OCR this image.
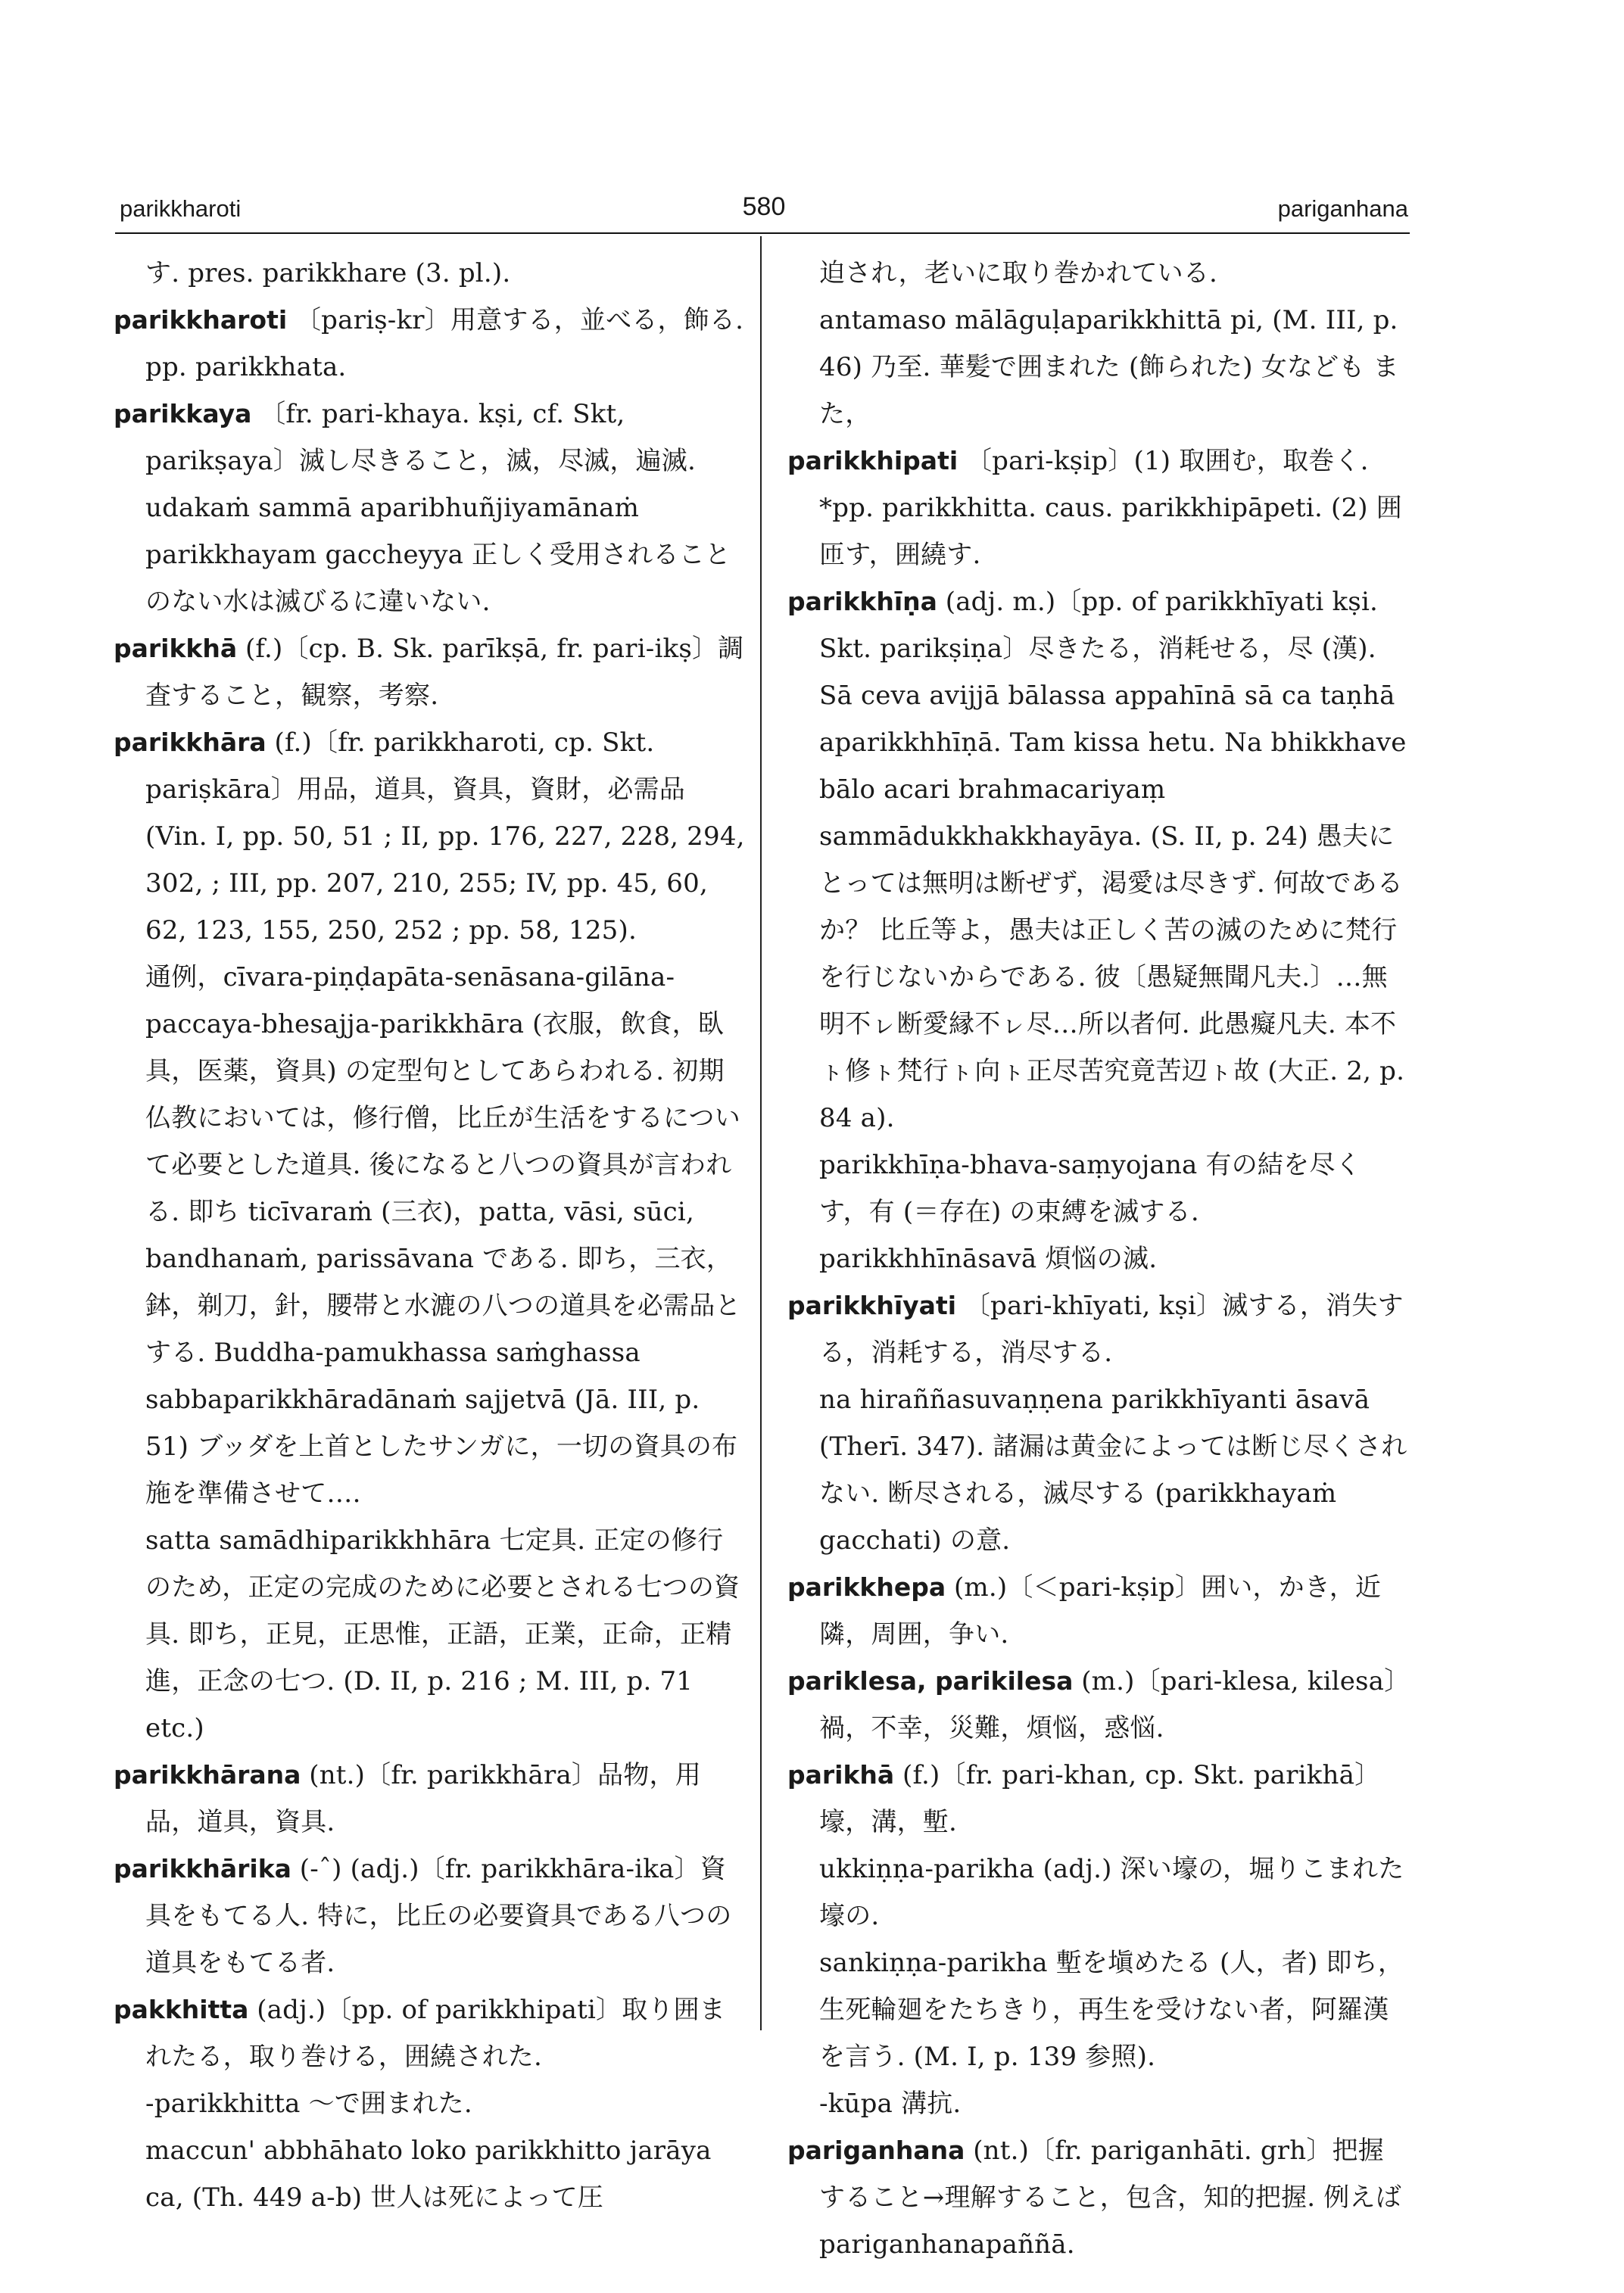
parikkharoti	580	pariganhana

す. pres. parikkhare (3. pl.).

parikkharoti 〔pariṣ-kr〕用意する，並べる，飾る. pp. parikkhata.

parikkaya 〔fr. pari-khaya. kṣi, cf. Skt, parikṣaya〕滅し尽きること，滅，尽滅，遍滅.

udakaṁ sammā aparibhuñjiyamānaṁ parikkhayam gaccheyya 正しく受用されることのない水は滅びるに違いない.

parikkhā (f.)〔cp. B. Sk. parīkṣā, fr. pari-ikṣ〕調査すること，観察，考察.

parikkhāra (f.)〔fr. parikkharoti, cp. Skt. pariṣkāra〕用品，道具，資具，資財，必需品 (Vin. I, pp. 50, 51 ; II, pp. 176, 227, 228, 294, 302, ; III, pp. 207, 210, 255; IV, pp. 45, 60, 62, 123, 155, 250, 252 ; pp. 58, 125).

通例，cīvara-piṇḍapāta-senāsana-gilāna-paccaya-bhesajja-parikkhāra (衣服，飲食，臥具，医薬，資具) の定型句としてあらわれる. 初期仏教においては，修行僧，比丘が生活をするについて必要とした道具. 後になると八つの資具が言われる. 即ち ticīvaraṁ (三衣)，patta, vāsi, sūci, bandhanaṁ, parissāvana である. 即ち，三衣，鉢，剃刀，針，腰帯と水漉の八つの道具を必需品とする. Buddha-pamukhassa saṁghassa sabbaparikkhāradānaṁ sajjetvā (Jā. III, p. 51) ブッダを上首としたサンガに，一切の資具の布施を準備させて….

satta samādhiparikkhhāra 七定具. 正定の修行のため，正定の完成のために必要とされる七つの資具. 即ち，正見，正思惟，正語，正業，正命，正精進，正念の七つ. (D. II, p. 216 ; M. III, p. 71 etc.)

parikkhārana (nt.)〔fr. parikkhāra〕品物，用品，道具，資具.

parikkhārika (-ˆ) (adj.)〔fr. parikkhāra-ika〕資具をもてる人. 特に，比丘の必要資具である八つの道具をもてる者.

pakkhitta (adj.)〔pp. of parikkhipati〕取り囲まれたる，取り巻ける，囲繞された.

-parikkhitta ～で囲まれた.

maccun' abbhāhato loko parikkhitto jarāya ca, (Th. 449 a-b) 世人は死によって圧

迫され，老いに取り巻かれている.

antamaso mālāguḷaparikkhittā pi, (M. III, p. 46) 乃至. 華髪で囲まれた (飾られた) 女なども また，

parikkhipati 〔pari-kṣip〕(1) 取囲む，取巻く. *pp. parikkhitta. caus. parikkhipāpeti. (2) 囲匝す，囲繞す.

parikkhīṇa (adj. m.)〔pp. of parikkhīyati kṣi. Skt. parikṣiṇa〕尽きたる，消耗せる，尽 (漢).

Sā ceva avijjā bālassa appahīnā sā ca taṇhā aparikkhhīṇā. Tam kissa hetu. Na bhikkhave bālo acari brahmacariyaṃ sammādukkhakkhayāya. (S. II, p. 24) 愚夫にとっては無明は断ぜず，渇愛は尽きず. 何故であるか？ 比丘等よ，愚夫は正しく苦の滅のために梵行を行じないからである. 彼〔愚疑無聞凡夫.〕…無明不ㇾ断愛縁不ㇾ尽…所以者何. 此愚癡凡夫. 本不ㇳ修ㇳ梵行ㇳ向ㇳ正尽苦究竟苦辺ㇳ故 (大正. 2, p. 84 a).

parikkhīṇa-bhava-saṃyojana 有の結を尽くす，有 (＝存在) の束縛を滅する.

parikkhhīnāsavā 煩悩の滅.

parikkhīyati 〔pari-khīyati, kṣi〕滅する，消失する，消耗する，消尽する.

na hiraññasuvaṇṇena parikkhīyanti āsavā (Therī. 347). 諸漏は黄金によっては断じ尽くされない. 断尽される，滅尽する (parikkhayaṁ gacchati) の意.

parikkhepa (m.)〔＜pari-kṣip〕囲い，かき，近隣，周囲，争い.

pariklesa, parikilesa (m.)〔pari-klesa, kilesa〕禍，不幸，災難，煩悩，惑悩.

parikhā (f.)〔fr. pari-khan, cp. Skt. parikhā〕壕，溝，塹.

ukkiṇṇa-parikha (adj.) 深い壕の，堀りこまれた壕の.

sankiṇṇa-parikha 塹を塡めたる (人，者) 即ち，生死輪廻をたちきり，再生を受けない者，阿羅漢を言う. (M. I, p. 139 参照).

-kūpa 溝抗.

pariganhana (nt.)〔fr. pariganhāti. grh〕把握すること→理解すること，包含，知的把握. 例えば pariganhanapaññā.
